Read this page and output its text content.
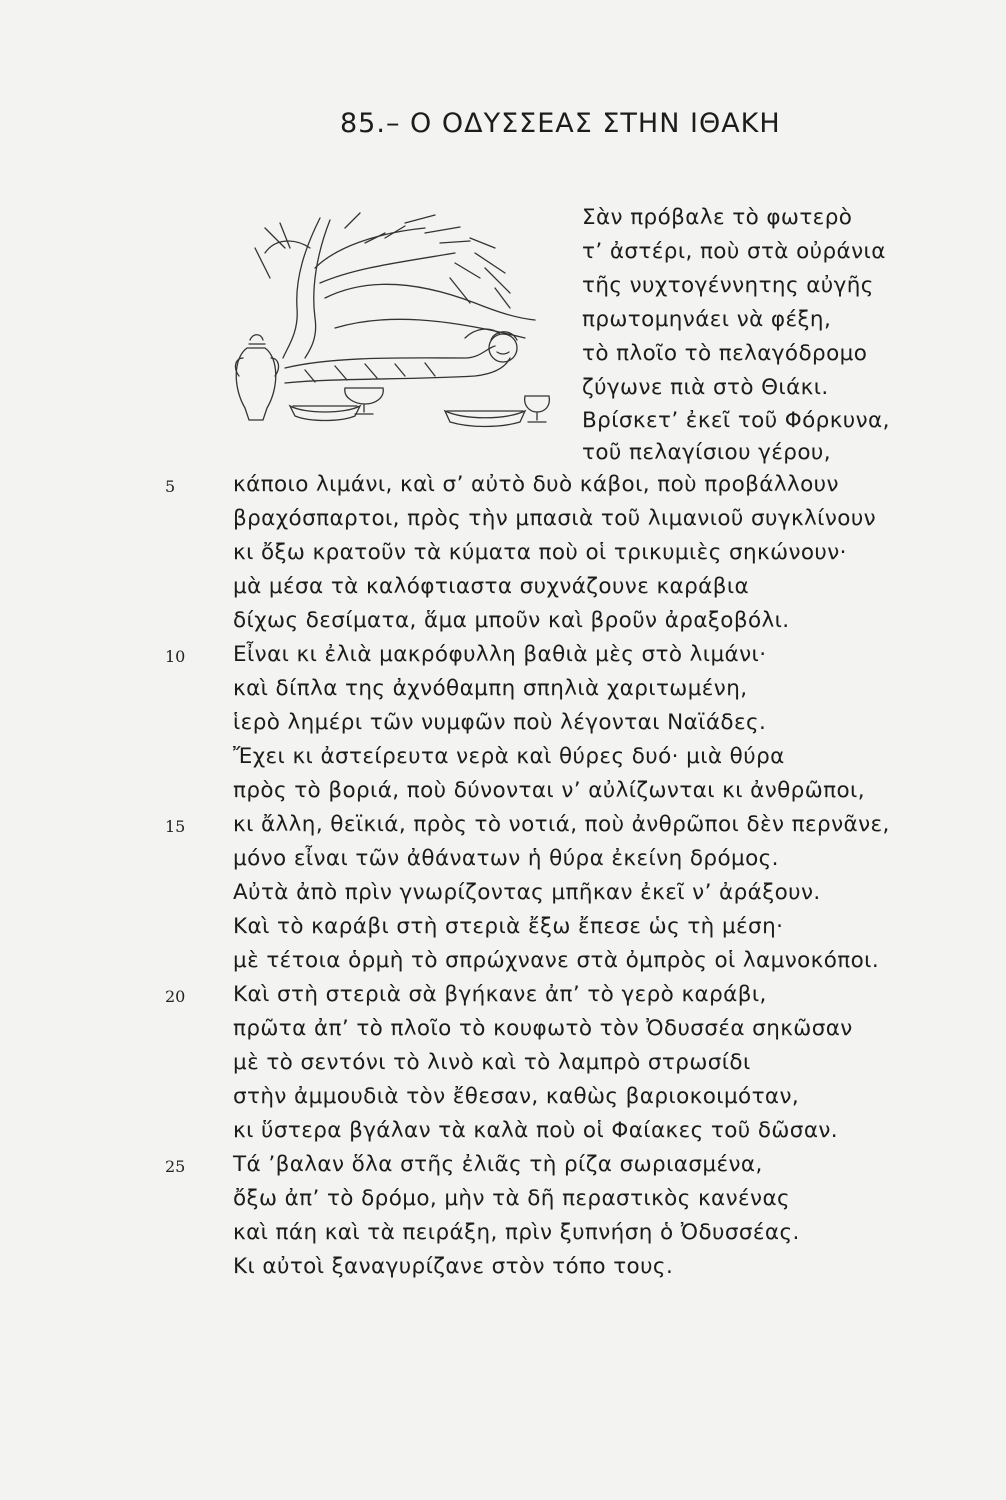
85.– Ο ΟΔΥΣΣΕΑΣ ΣΤΗΝ ΙΘΑΚΗ
Σὰν πρόβαλε τὸ φωτερὸ
τ’ ἀστέρι, ποὺ στὰ οὐράνια
τῆς νυχτογέννητης αὐγῆς
πρωτομηνάει νὰ φέξη,
τὸ πλοῖο τὸ πελαγόδρομο
ζύγωνε πιὰ στὸ Θιάκι.
Βρίσκετ’ ἐκεῖ τοῦ Φόρκυνα,
τοῦ πελαγίσιου γέρου,
κάποιο λιμάνι, καὶ σ’ αὐτὸ δυὸ κάβοι, ποὺ προβάλλουν
βραχόσπαρτοι, πρὸς τὴν μπασιὰ τοῦ λιμανιοῦ συγκλίνουν
κι ὄξω κρατοῦν τὰ κύματα ποὺ οἱ τρικυμιὲς σηκώνουν·
μὰ μέσα τὰ καλόφτιαστα συχνάζουνε καράβια
δίχως δεσίματα, ἅμα μποῦν καὶ βροῦν ἀραξοβόλι.
Εἶναι κι ἐλιὰ μακρόφυλλη βαθιὰ μὲς στὸ λιμάνι·
καὶ δίπλα της ἀχνόθαμπη σπηλιὰ χαριτωμένη,
ἱερὸ λημέρι τῶν νυμφῶν ποὺ λέγονται Ναϊάδες.
Ἔχει κι ἀστείρευτα νερὰ καὶ θύρες δυό· μιὰ θύρα
πρὸς τὸ βοριά, ποὺ δύνονται ν’ αὐλίζωνται κι ἀνθρῶποι,
κι ἄλλη, θεϊκιά, πρὸς τὸ νοτιά, ποὺ ἀνθρῶποι δὲν περνᾶνε,
μόνο εἶναι τῶν ἀθάνατων ἡ θύρα ἐκείνη δρόμος.
Αὐτὰ ἀπὸ πρὶν γνωρίζοντας μπῆκαν ἐκεῖ ν’ ἀράξουν.
Καὶ τὸ καράβι στὴ στεριὰ ἔξω ἔπεσε ὡς τὴ μέση·
μὲ τέτοια ὁρμὴ τὸ σπρώχνανε στὰ ὀμπρὸς οἱ λαμνοκόποι.
Καὶ στὴ στεριὰ σὰ βγήκανε ἀπ’ τὸ γερὸ καράβι,
πρῶτα ἀπ’ τὸ πλοῖο τὸ κουφωτὸ τὸν Ὀδυσσέα σηκῶσαν
μὲ τὸ σεντόνι τὸ λινὸ καὶ τὸ λαμπρὸ στρωσίδι
στὴν ἀμμουδιὰ τὸν ἔθεσαν, καθὼς βαριοκοιμόταν,
κι ὕστερα βγάλαν τὰ καλὰ ποὺ οἱ Φαίακες τοῦ δῶσαν.
Τά ’βαλαν ὅλα στῆς ἐλιᾶς τὴ ρίζα σωριασμένα,
ὄξω ἀπ’ τὸ δρόμο, μὴν τὰ δῆ περαστικὸς κανένας
καὶ πάη καὶ τὰ πειράξη, πρὶν ξυπνήση ὁ Ὀδυσσέας.
Κι αὐτοὶ ξαναγυρίζανε στὸν τόπο τους.
5
10
15
20
25
